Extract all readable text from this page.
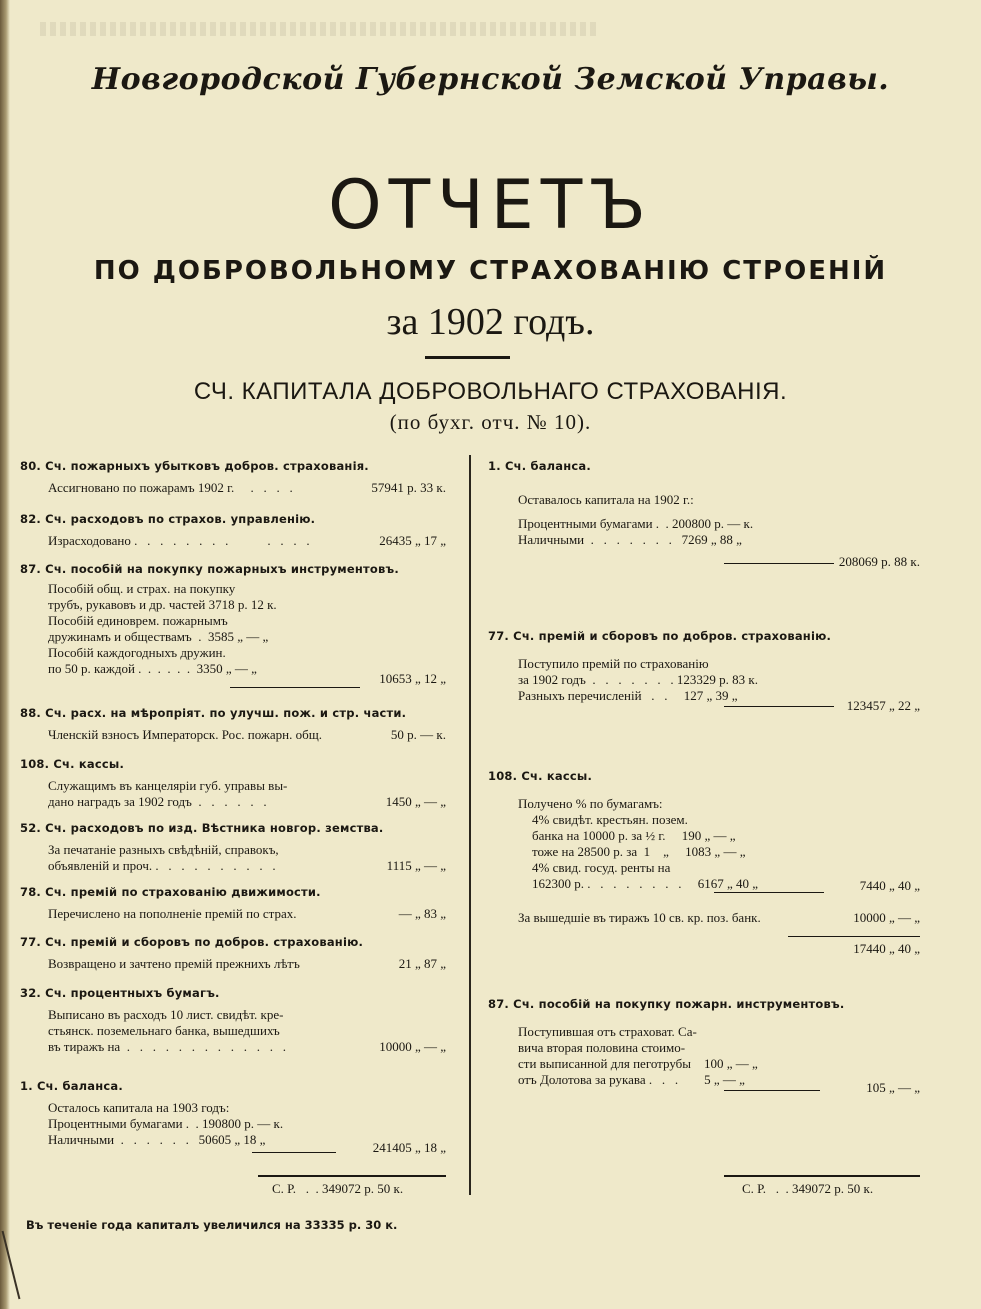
Новгородской Губернской Земской Управы.
ОТЧЕТЪ
ПО ДОБРОВОЛЬНОМУ СТРАХОВАНІЮ СТРОЕНІЙ
за 1902 годъ.
СЧ. КАПИТАЛА ДОБРОВОЛЬНАГО СТРАХОВАНІЯ.
(по бухг. отч. № 10).
80. Сч. пожарныхъ убытковъ добров. страхованія.
Ассигновано по пожарамъ 1902 г.     .   .   .   .	57941 р. 33 к.
82. Сч. расходовъ по страхов. управленію.
Израсходовано .   .   .   .   .   .   .   .            .   .   .   .	26435 „ 17 „
87. Сч. пособій на покупку пожарныхъ инструментовъ.
Пособій общ. и страх. на покупку
трубъ, рукавовъ и др. частей 3718 р. 12 к.
Пособій единоврем. пожарнымъ
дружинамъ и обществамъ  .  3585 „ — „
Пособій каждогодныхъ дружин.
по 50 р. каждой .  .  .  .  .  .  3350 „ — „
10653 „ 12 „
88. Сч. расх. на мѣропріят. по улучш. пож. и стр. части.
Членскій взносъ Императорск. Рос. пожарн. общ.	50 р. — к.
108. Сч. кассы.
Служащимъ въ канцеляріи губ. управы вы-
дано наградъ за 1902 годъ  .   .   .   .   .   .	1450 „ — „
52. Сч. расходовъ по изд. Вѣстника новгор. земства.
За печатаніе разныхъ свѣдѣній, справокъ,
объявленій и проч. .   .   .   .   .   .   .   .   .   .	1115 „ — „
78. Сч. премій по страхованію движимости.
Перечислено на пополненіе премій по страх.	— „ 83 „
77. Сч. премій и сборовъ по добров. страхованію.
Возвращено и зачтено премій прежнихъ лѣтъ	21 „ 87 „
32. Сч. процентныхъ бумагъ.
Выписано въ расходъ 10 лист. свидѣт. кре-
стьянск. поземельнаго банка, вышедшихъ
въ тиражъ на  .   .   .   .   .   .   .   .   .   .   .   .   .	10000 „ — „
1. Сч. баланса.
Осталось капитала на 1903 годъ:
Процентными бумагами .  . 190800 р. — к.
Наличными  .   .   .   .   .   .   50605 „ 18 „
241405 „ 18 „
С. Р.   .  . 349072 р. 50 к.
1. Сч. баланса.
Оставалось капитала на 1902 г.:
Процентными бумагами .  . 200800 р. — к.
Наличными  .   .   .   .   .   .   .   7269 „ 88 „
208069 р. 88 к.
77. Сч. премій и сборовъ по добров. страхованію.
Поступило премій по страхованію
за 1902 годъ  .   .   .   .   .   .   . 123329 р. 83 к.
Разныхъ перечисленій   .   .     127 „ 39 „
123457 „ 22 „
108. Сч. кассы.
Получено % по бумагамъ:
4% свидѣт. крестьян. позем.
банка на 10000 р. за ½ г.     190 „ — „
тоже на 28500 р. за  1    „     1083 „ — „
4% свид. госуд. ренты на
162300 р. .   .   .   .   .   .   .   .     6167 „ 40 „	7440 „ 40 „
За вышедшіе въ тиражъ 10 св. кр. поз. банк.	10000 „ — „
17440 „ 40 „
87. Сч. пособій на покупку пожарн. инструментовъ.
Поступившая отъ страховат. Са-
вича вторая половина стоимо-
сти выписанной для пеготрубы    100 „ — „
отъ Долотова за рукава .   .   .        5 „ — „
105 „ — „
С. Р.   .  . 349072 р. 50 к.
Въ теченіе года капиталъ увеличился на 33335 р. 30 к.
